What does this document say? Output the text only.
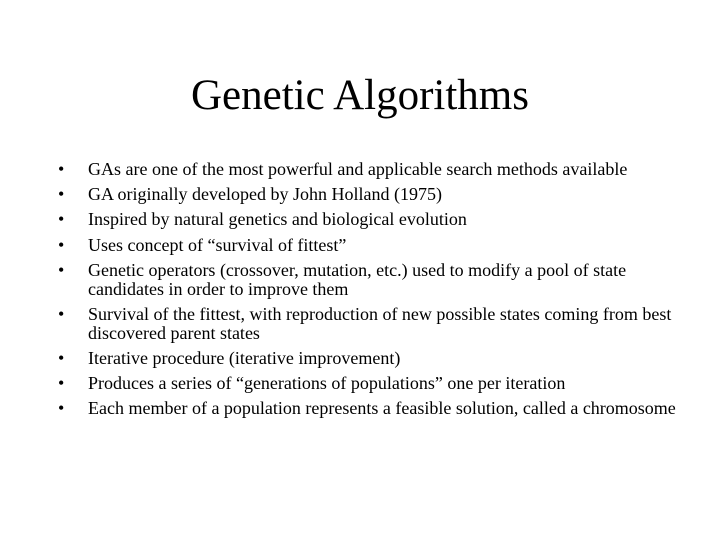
Genetic Algorithms
•	GAs are one of the most powerful and applicable search methods available
•	GA originally developed by John Holland (1975)
•	Inspired by natural genetics and biological evolution
•	Uses concept of “survival of fittest”
•	Genetic operators (crossover, mutation, etc.) used to modify a pool of state candidates in order to improve them
•	Survival of the fittest, with reproduction of new possible states coming from best discovered parent states
•	Iterative procedure (iterative improvement)
•	Produces a series of “generations of populations” one per iteration
•	Each member of a population represents a feasible solution, called a chromosome
